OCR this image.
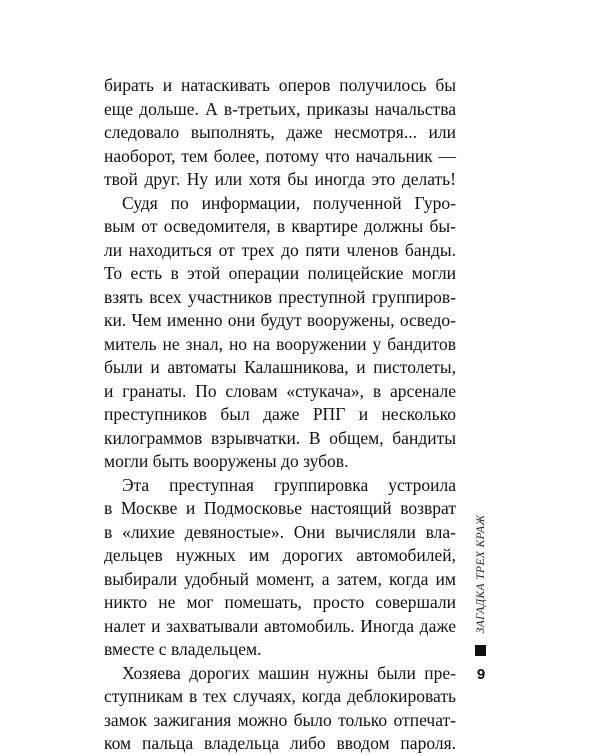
бирать и натаскивать оперов получилось бы
еще дольше. А в-третьих, приказы начальства
следовало выполнять, даже несмотря... или
наоборот, тем более, потому что начальник —
твой друг. Ну или хотя бы иногда это делать!
Судя по информации, полученной Гуро-
вым от осведомителя, в квартире должны бы-
ли находиться от трех до пяти членов банды.
То есть в этой операции полицейские могли
взять всех участников преступной группиров-
ки. Чем именно они будут вооружены, осведо-
митель не знал, но на вооружении у бандитов
были и автоматы Калашникова, и пистолеты,
и гранаты. По словам «стукача», в арсенале
преступников был даже РПГ и несколько
килограммов взрывчатки. В общем, бандиты
могли быть вооружены до зубов.
Эта преступная группировка устроила
в Москве и Подмосковье настоящий возврат
в «лихие девяностые». Они вычисляли вла-
дельцев нужных им дорогих автомобилей,
выбирали удобный момент, а затем, когда им
никто не мог помешать, просто совершали
налет и захватывали автомобиль. Иногда даже
вместе с владельцем.
Хозяева дорогих машин нужны были пре-
ступникам в тех случаях, когда деблокировать
замок зажигания можно было только отпечат-
ком пальца владельца либо вводом пароля.
ЗАГАДКА ТРЕХ КРАЖ
9
